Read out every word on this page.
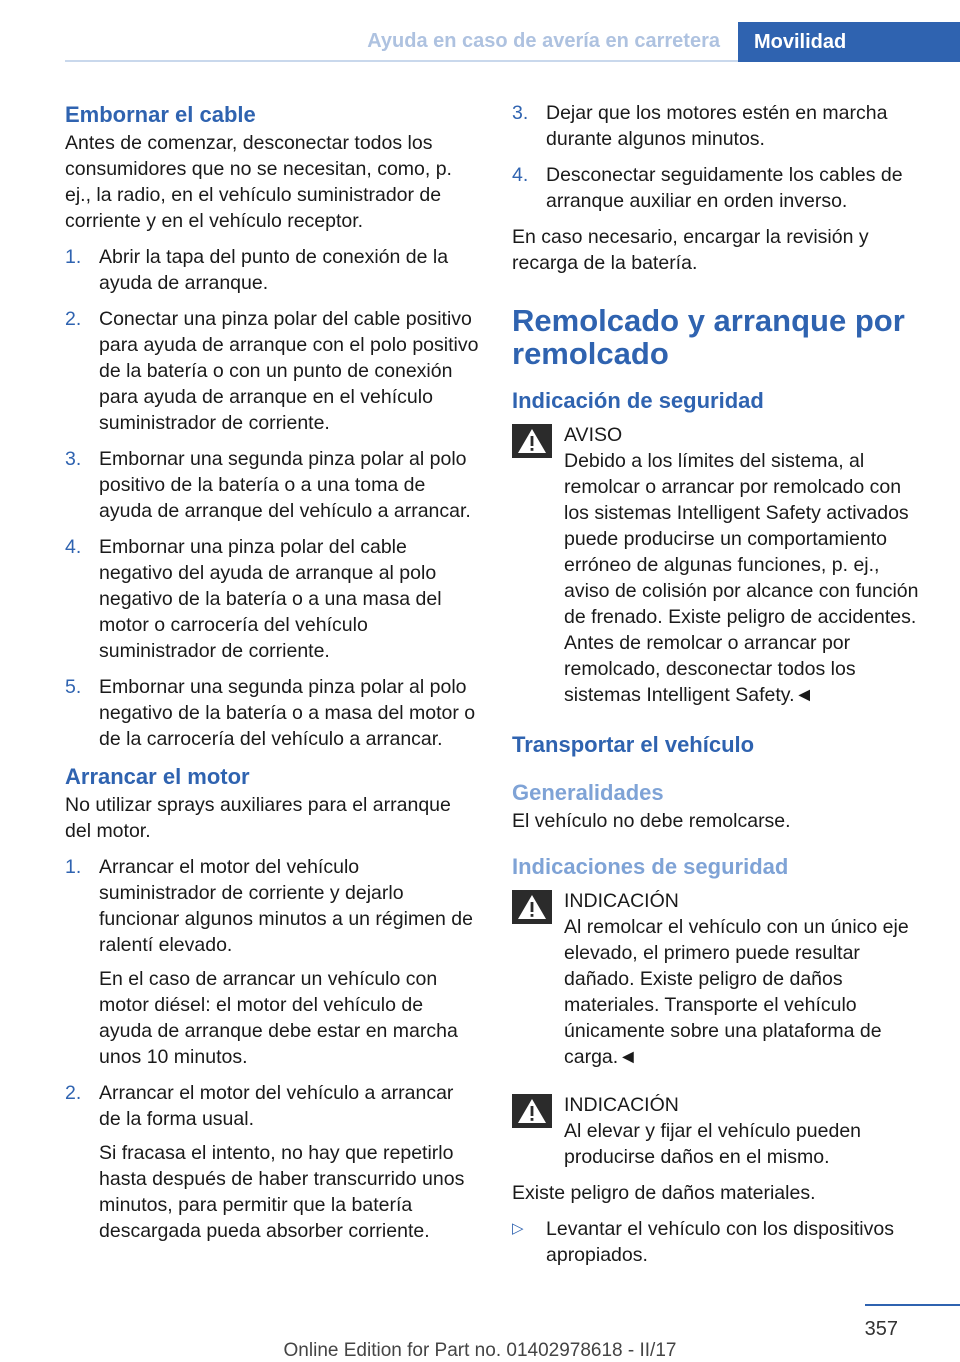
Ayuda en caso de avería en carretera	Movilidad
Embornar el cable

Antes de comenzar, desconectar todos los consumidores que no se necesitan, como, p. ej., la radio, en el vehículo suministrador de corriente y en el vehículo receptor.

1. Abrir la tapa del punto de conexión de la ayuda de arranque.
2. Conectar una pinza polar del cable positivo para ayuda de arranque con el polo positivo de la batería o con un punto de conexión para ayuda de arranque en el vehículo suministrador de corriente.
3. Embornar una segunda pinza polar al polo positivo de la batería o a una toma de ayuda de arranque del vehículo a arrancar.
4. Embornar una pinza polar del cable negativo del ayuda de arranque al polo negativo de la batería o a una masa del motor o carrocería del vehículo suministrador de corriente.
5. Embornar una segunda pinza polar al polo negativo de la batería o a masa del motor o de la carrocería del vehículo a arrancar.
Arrancar el motor

No utilizar sprays auxiliares para el arranque del motor.

1. Arrancar el motor del vehículo suministrador de corriente y dejarlo funcionar algunos minutos a un régimen de ralentí elevado.

En el caso de arrancar un vehículo con motor diésel: el motor del vehículo de ayuda de arranque debe estar en marcha unos 10 minutos.

2. Arrancar el motor del vehículo a arrancar de la forma usual.

Si fracasa el intento, no hay que repetirlo hasta después de haber transcurrido unos minutos, para permitir que la batería descargada pueda absorber corriente.

3. Dejar que los motores estén en marcha durante algunos minutos.
4. Desconectar seguidamente los cables de arranque auxiliar en orden inverso.

En caso necesario, encargar la revisión y recarga de la batería.

Remolcado y arranque por remolcado
Indicación de seguridad
AVISO
Debido a los límites del sistema, al remolcar o arrancar por remolcado con los sistemas Intelligent Safety activados puede producirse un comportamiento erróneo de algunas funciones, p. ej., aviso de colisión por alcance con función de frenado. Existe peligro de accidentes. Antes de remolcar o arrancar por remolcado, desconectar todos los sistemas Intelligent Safety.◄
Transportar el vehículo
Generalidades

El vehículo no debe remolcarse.

Indicaciones de seguridad
INDICACIÓN
Al remolcar el vehículo con un único eje elevado, el primero puede resultar dañado. Existe peligro de daños materiales. Transporte el vehículo únicamente sobre una plataforma de carga.◄
INDICACIÓN
Al elevar y fijar el vehículo pueden producirse daños en el mismo.

Existe peligro de daños materiales.

▷ Levantar el vehículo con los dispositivos apropiados.
357
Online Edition for Part no. 01402978618 - II/17
